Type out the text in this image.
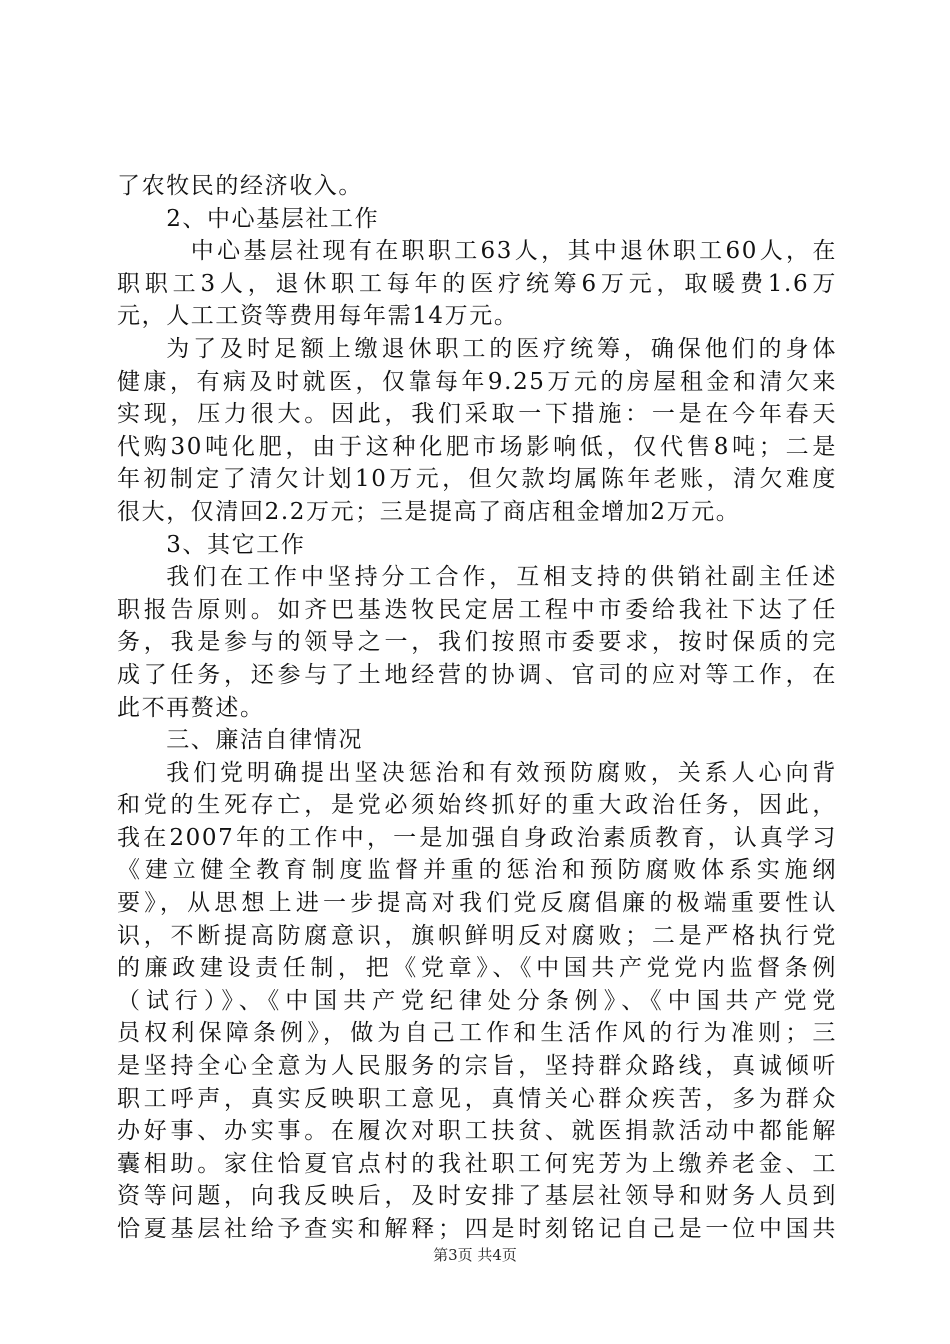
了农牧民的经济收入。
2、中心基层社工作
中心基层社现有在职职工63人，其中退休职工60人，在
职职工3人，退休职工每年的医疗统筹6万元，取暖费1.6万
元，人工工资等费用每年需14万元。
为了及时足额上缴退休职工的医疗统筹，确保他们的身体
健康，有病及时就医，仅靠每年9.25万元的房屋租金和清欠来
实现，压力很大。因此，我们采取一下措施：一是在今年春天
代购30吨化肥，由于这种化肥市场影响低，仅代售8吨；二是
年初制定了清欠计划10万元，但欠款均属陈年老账，清欠难度
很大，仅清回2.2万元；三是提高了商店租金增加2万元。
3、其它工作
我们在工作中坚持分工合作，互相支持的供销社副主任述
职报告原则。如齐巴基迭牧民定居工程中市委给我社下达了任
务，我是参与的领导之一，我们按照市委要求，按时保质的完
成了任务，还参与了土地经营的协调、官司的应对等工作，在
此不再赘述。
三、廉洁自律情况
我们党明确提出坚决惩治和有效预防腐败，关系人心向背
和党的生死存亡，是党必须始终抓好的重大政治任务，因此，
我在2007年的工作中，一是加强自身政治素质教育，认真学习
《建立健全教育制度监督并重的惩治和预防腐败体系实施纲
要》，从思想上进一步提高对我们党反腐倡廉的极端重要性认
识，不断提高防腐意识，旗帜鲜明反对腐败；二是严格执行党
的廉政建设责任制，把《党章》、《中国共产党党内监督条例
（试行）》、《中国共产党纪律处分条例》、《中国共产党党
员权利保障条例》，做为自己工作和生活作风的行为准则；三
是坚持全心全意为人民服务的宗旨，坚持群众路线，真诚倾听
职工呼声，真实反映职工意见，真情关心群众疾苦，多为群众
办好事、办实事。在履次对职工扶贫、就医捐款活动中都能解
囊相助。家住恰夏官点村的我社职工何宪芳为上缴养老金、工
资等问题，向我反映后，及时安排了基层社领导和财务人员到
恰夏基层社给予查实和解释；四是时刻铭记自己是一位中国共
第3页 共4页
